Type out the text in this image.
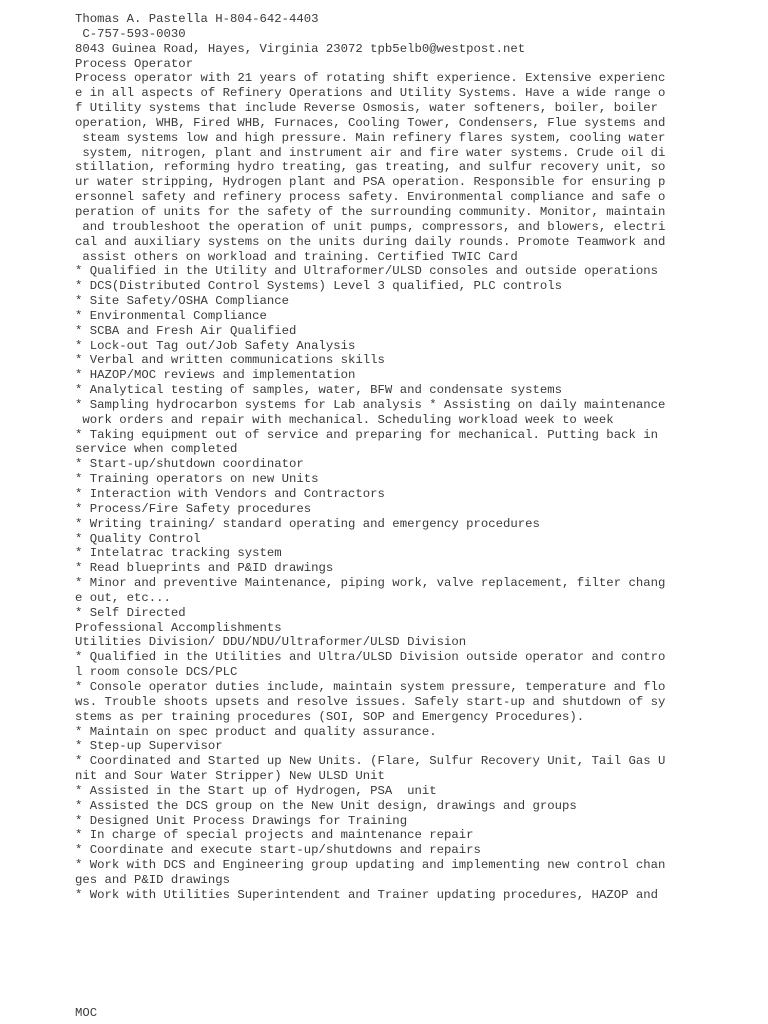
Thomas A. Pastella H-804-642-4403
C-757-593-0030
8043 Guinea Road, Hayes, Virginia 23072 tpb5elb0@westpost.net
Process Operator
Process operator with 21 years of rotating shift experience. Extensive experienc
e in all aspects of Refinery Operations and Utility Systems. Have a wide range o
f Utility systems that include Reverse Osmosis, water softeners, boiler, boiler
operation, WHB, Fired WHB, Furnaces, Cooling Tower, Condensers, Flue systems and
steam systems low and high pressure. Main refinery flares system, cooling water
system, nitrogen, plant and instrument air and fire water systems. Crude oil di
stillation, reforming hydro treating, gas treating, and sulfur recovery unit, so
ur water stripping, Hydrogen plant and PSA operation. Responsible for ensuring p
ersonnel safety and refinery process safety. Environmental compliance and safe o
peration of units for the safety of the surrounding community. Monitor, maintain
and troubleshoot the operation of unit pumps, compressors, and blowers, electri
cal and auxiliary systems on the units during daily rounds. Promote Teamwork and
assist others on workload and training. Certified TWIC Card
* Qualified in the Utility and Ultraformer/ULSD consoles and outside operations
* DCS(Distributed Control Systems) Level 3 qualified, PLC controls
* Site Safety/OSHA Compliance
* Environmental Compliance
* SCBA and Fresh Air Qualified
* Lock-out Tag out/Job Safety Analysis
* Verbal and written communications skills
* HAZOP/MOC reviews and implementation
* Analytical testing of samples, water, BFW and condensate systems
* Sampling hydrocarbon systems for Lab analysis * Assisting on daily maintenance
work orders and repair with mechanical. Scheduling workload week to week
* Taking equipment out of service and preparing for mechanical. Putting back in
service when completed
* Start-up/shutdown coordinator
* Training operators on new Units
* Interaction with Vendors and Contractors
* Process/Fire Safety procedures
* Writing training/ standard operating and emergency procedures
* Quality Control
* Intelatrac tracking system
* Read blueprints and P&ID drawings
* Minor and preventive Maintenance, piping work, valve replacement, filter chang
e out, etc...
* Self Directed
Professional Accomplishments
Utilities Division/ DDU/NDU/Ultraformer/ULSD Division
* Qualified in the Utilities and Ultra/ULSD Division outside operator and contro
l room console DCS/PLC
* Console operator duties include, maintain system pressure, temperature and flo
ws. Trouble shoots upsets and resolve issues. Safely start-up and shutdown of sy
stems as per training procedures (SOI, SOP and Emergency Procedures).
* Maintain on spec product and quality assurance.
* Step-up Supervisor
* Coordinated and Started up New Units. (Flare, Sulfur Recovery Unit, Tail Gas U
nit and Sour Water Stripper) New ULSD Unit
* Assisted in the Start up of Hydrogen, PSA  unit
* Assisted the DCS group on the New Unit design, drawings and groups
* Designed Unit Process Drawings for Training
* In charge of special projects and maintenance repair
* Coordinate and execute start-up/shutdowns and repairs
* Work with DCS and Engineering group updating and implementing new control chan
ges and P&ID drawings
* Work with Utilities Superintendent and Trainer updating procedures, HAZOP and
MOC
